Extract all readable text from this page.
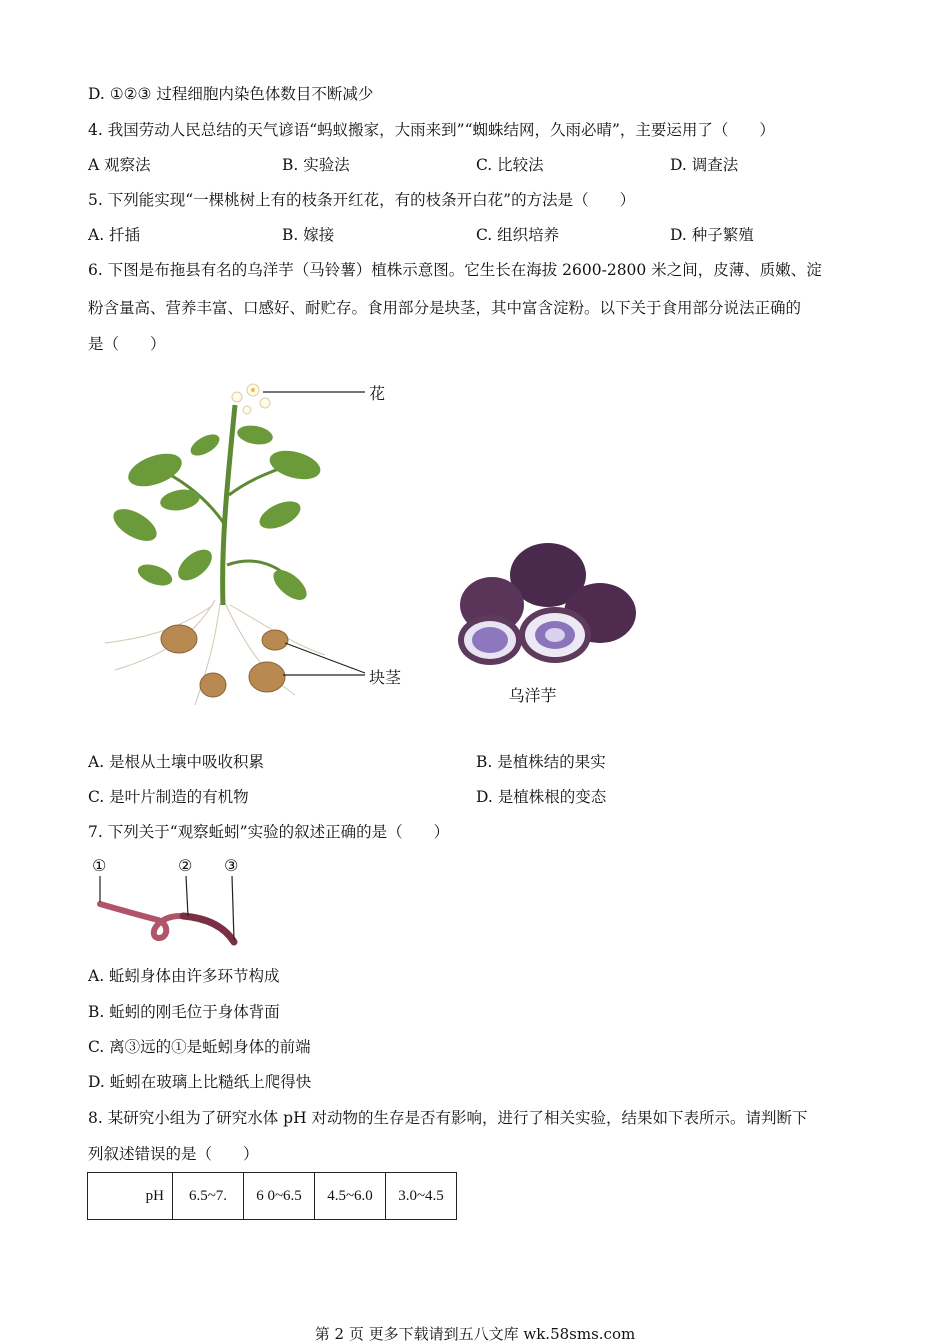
D. ①②③ 过程细胞内染色体数目不断减少
4. 我国劳动人民总结的天气谚语“蚂蚁搬家，大雨来到”“蜘蛛结网，久雨必晴”，主要运用了（　　）
A 观察法	B. 实验法	C. 比较法	D. 调查法
5. 下列能实现“一棵桃树上有的枝条开红花，有的枝条开白花”的方法是（　　）
A. 扦插	B. 嫁接	C. 组织培养	D. 种子繁殖
6. 下图是布拖县有名的乌洋芋（马铃薯）植株示意图。它生长在海拔 2600-2800 米之间，皮薄、质嫩、淀
粉含量高、营养丰富、口感好、耐贮存。食用部分是块茎，其中富含淀粉。以下关于食用部分说法正确的
是（　　）
花
块茎
乌洋芋
A. 是根从土壤中吸收积累	B. 是植株结的果实
C. 是叶片制造的有机物	D. 是植株根的变态
7. 下列关于“观察蚯蚓”实验的叙述正确的是（　　）
①	② ③
A. 蚯蚓身体由许多环节构成
B. 蚯蚓的刚毛位于身体背面
C. 离③远的①是蚯蚓身体的前端
D. 蚯蚓在玻璃上比糙纸上爬得快
8. 某研究小组为了研究水体 pH 对动物的生存是否有影响，进行了相关实验，结果如下表所示。请判断下
列叙述错误的是（　　）
pH	6.5~7.	6 0~6.5	4.5~6.0	3.0~4.5
第 2 页 更多下载请到五八文库 wk.58sms.com
